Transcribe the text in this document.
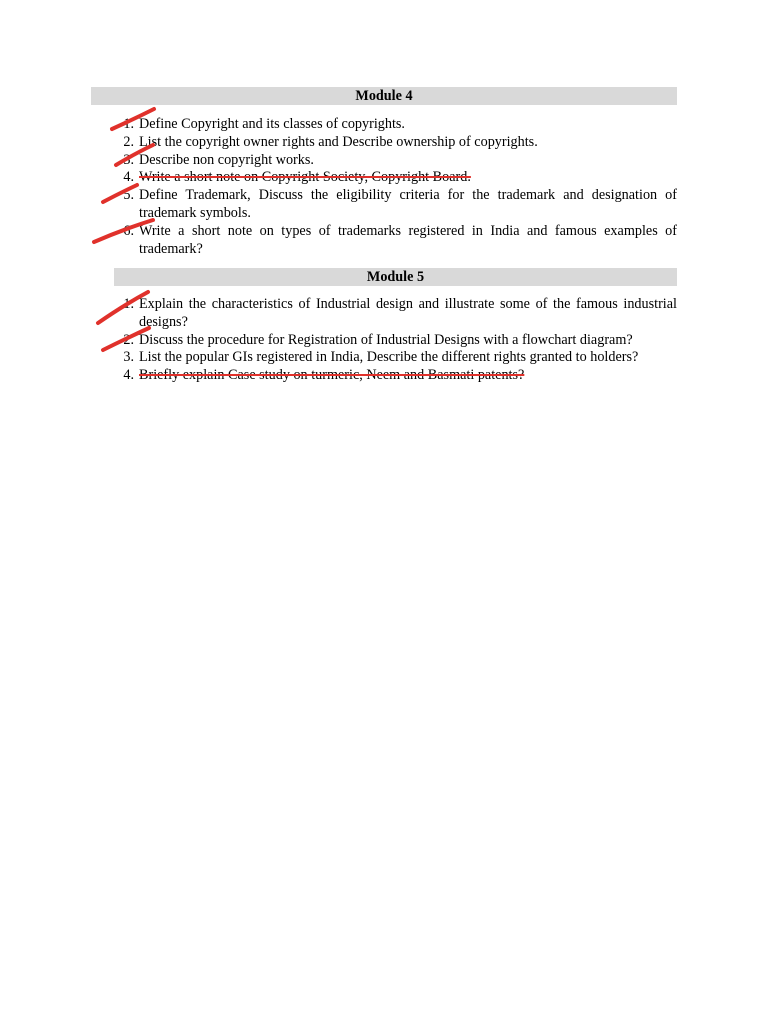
Module 4
1. Define Copyright and its classes of copyrights.
2. List the copyright owner rights and Describe ownership of copyrights.
3. Describe non copyright works.
4. Write a short note on Copyright Society, Copyright Board.
5. Define Trademark, Discuss the eligibility criteria for the trademark and designation of trademark symbols.
6. Write a short note on types of trademarks registered in India and famous examples of trademark?
Module 5
1. Explain the characteristics of Industrial design and illustrate some of the famous industrial designs?
2. Discuss the procedure for Registration of Industrial Designs with a flowchart diagram?
3. List the popular GIs registered in India, Describe the different rights granted to holders?
4. Briefly explain Case study on turmeric, Neem and Basmati patents?
